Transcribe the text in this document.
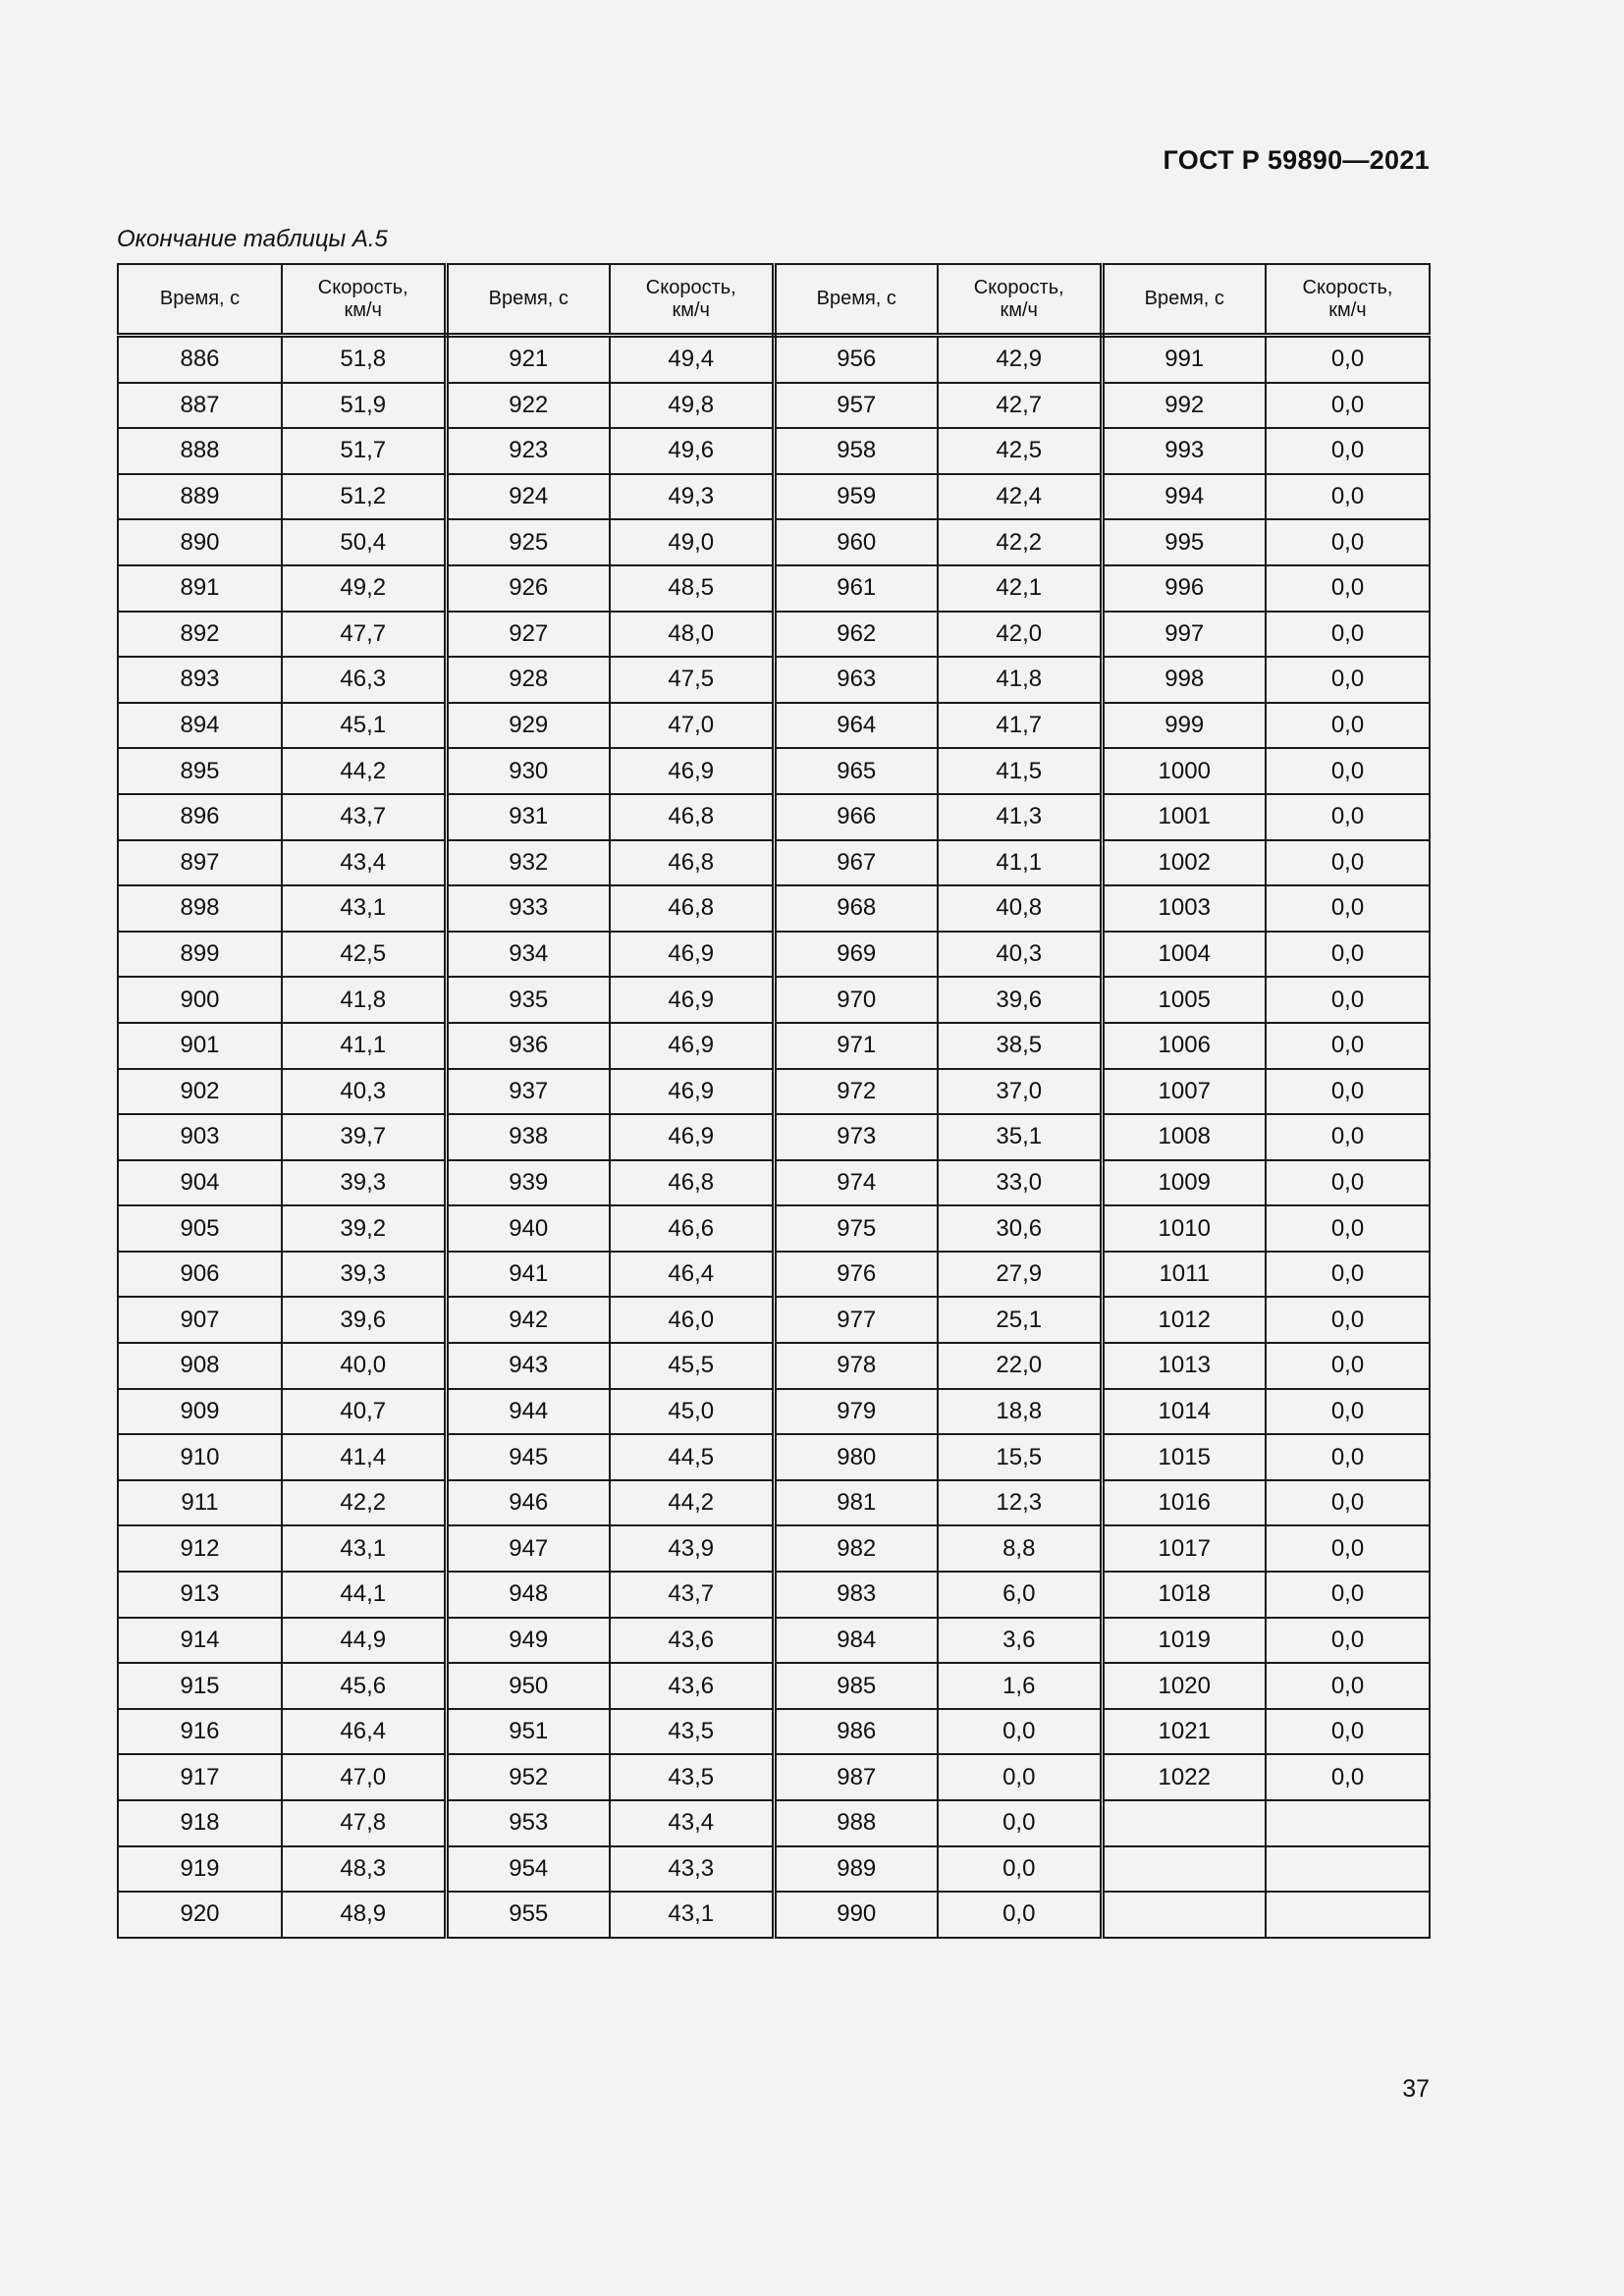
ГОСТ Р 59890—2021
Окончание таблицы А.5
Время, с	Скорость,
км/ч	Время, с	Скорость,
км/ч	Время, с	Скорость,
км/ч	Время, с	Скорость,
км/ч
886	51,8	921	49,4	956	42,9	991	0,0
887	51,9	922	49,8	957	42,7	992	0,0
888	51,7	923	49,6	958	42,5	993	0,0
889	51,2	924	49,3	959	42,4	994	0,0
890	50,4	925	49,0	960	42,2	995	0,0
891	49,2	926	48,5	961	42,1	996	0,0
892	47,7	927	48,0	962	42,0	997	0,0
893	46,3	928	47,5	963	41,8	998	0,0
894	45,1	929	47,0	964	41,7	999	0,0
895	44,2	930	46,9	965	41,5	1000	0,0
896	43,7	931	46,8	966	41,3	1001	0,0
897	43,4	932	46,8	967	41,1	1002	0,0
898	43,1	933	46,8	968	40,8	1003	0,0
899	42,5	934	46,9	969	40,3	1004	0,0
900	41,8	935	46,9	970	39,6	1005	0,0
901	41,1	936	46,9	971	38,5	1006	0,0
902	40,3	937	46,9	972	37,0	1007	0,0
903	39,7	938	46,9	973	35,1	1008	0,0
904	39,3	939	46,8	974	33,0	1009	0,0
905	39,2	940	46,6	975	30,6	1010	0,0
906	39,3	941	46,4	976	27,9	1011	0,0
907	39,6	942	46,0	977	25,1	1012	0,0
908	40,0	943	45,5	978	22,0	1013	0,0
909	40,7	944	45,0	979	18,8	1014	0,0
910	41,4	945	44,5	980	15,5	1015	0,0
911	42,2	946	44,2	981	12,3	1016	0,0
912	43,1	947	43,9	982	8,8	1017	0,0
913	44,1	948	43,7	983	6,0	1018	0,0
914	44,9	949	43,6	984	3,6	1019	0,0
915	45,6	950	43,6	985	1,6	1020	0,0
916	46,4	951	43,5	986	0,0	1021	0,0
917	47,0	952	43,5	987	0,0	1022	0,0
918	47,8	953	43,4	988	0,0		
919	48,3	954	43,3	989	0,0		
920	48,9	955	43,1	990	0,0		
37
